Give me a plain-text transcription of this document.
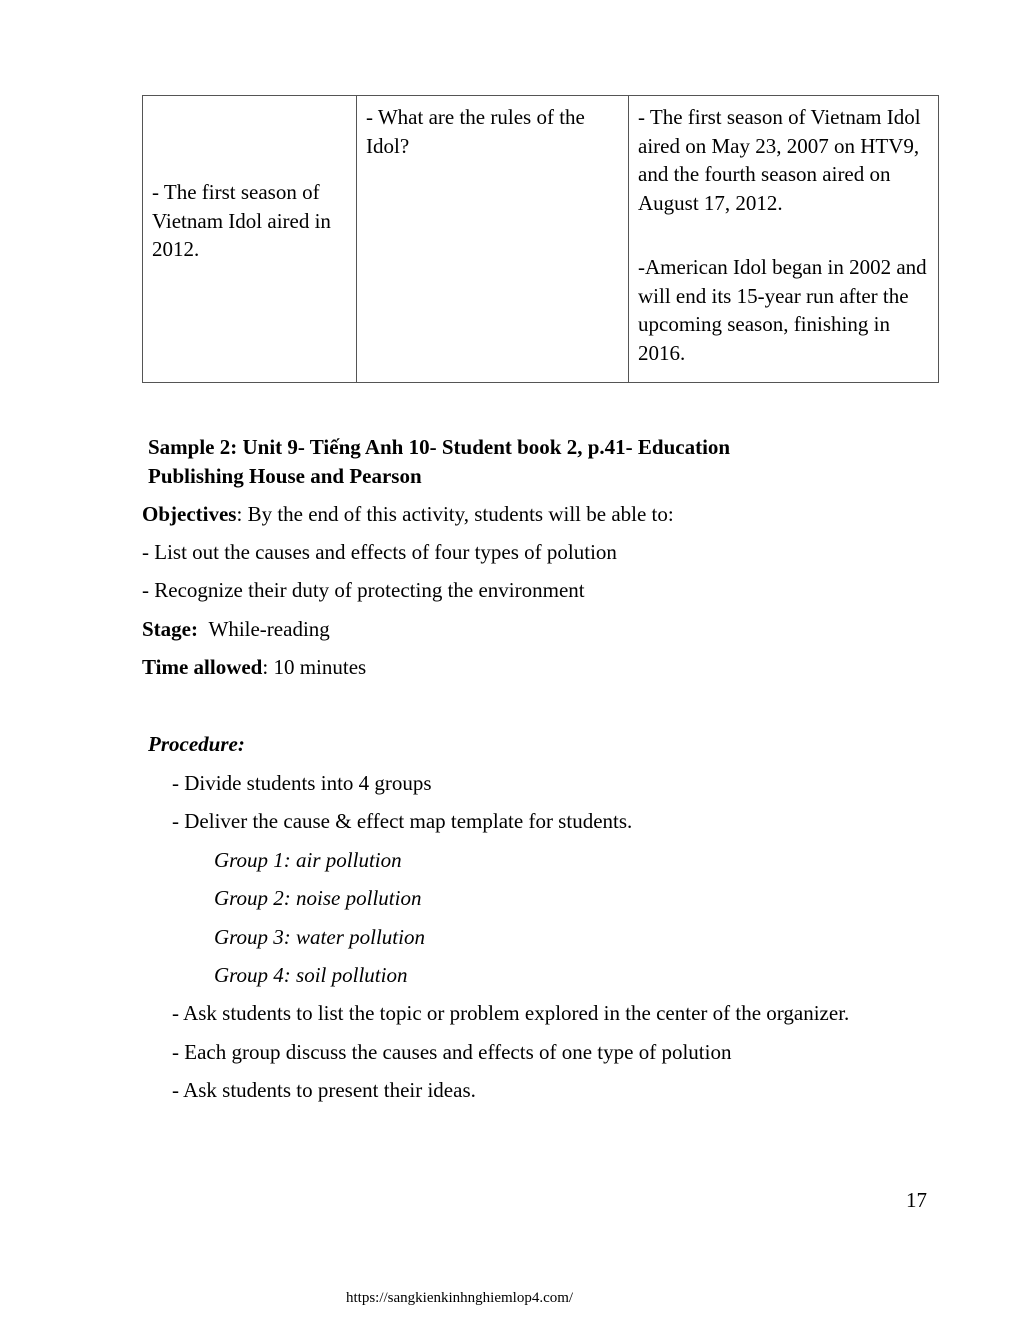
- The first season of Vietnam Idol aired in 2012.	- What are the rules of the Idol?	- The first season of Vietnam Idol aired on May 23, 2007 on HTV9, and the fourth season aired on August 17, 2012.
-American Idol began in 2002 and will end its 15-year run after the upcoming season, finishing in 2016.
Sample 2: Unit 9- Tiếng Anh 10- Student book 2, p.41- Education
Publishing House and Pearson
Objectives: By the end of this activity, students will be able to:
- List out the causes and effects of four types of polution
- Recognize their duty of protecting the environment
Stage: While-reading
Time allowed: 10 minutes
Procedure:
- Divide students into 4 groups
- Deliver the cause & effect map template for students.
Group 1: air pollution
Group 2: noise pollution
Group 3: water pollution
Group 4: soil pollution
- Ask students to list the topic or problem explored in the center of the organizer.
- Each group discuss the causes and effects of one type of polution
- Ask students to present their ideas.
17
https://sangkienkinhnghiemlop4.com/
